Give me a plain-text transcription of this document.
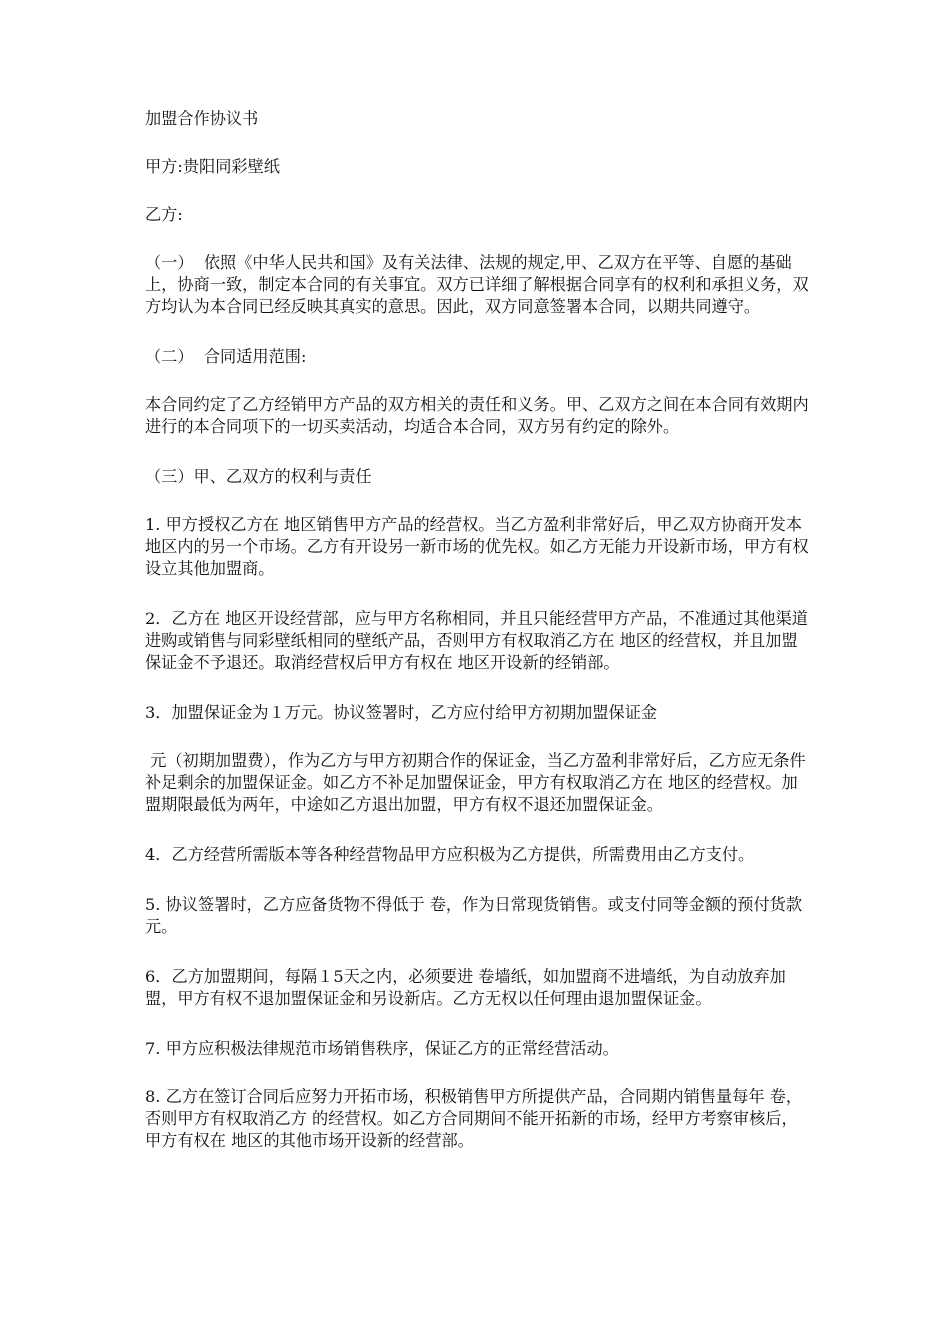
加盟合作协议书

甲方:贵阳同彩壁纸

乙方:

（一）  依照《中华人民共和国》及有关法律、法规的规定,甲、乙双方在平等、自愿的基础上，协商一致，制定本合同的有关事宜。双方已详细了解根据合同享有的权利和承担义务，双方均认为本合同已经反映其真实的意思。因此，双方同意签署本合同，以期共同遵守。

（二）  合同适用范围:

本合同约定了乙方经销甲方产品的双方相关的责任和义务。甲、乙双方之间在本合同有效期内进行的本合同项下的一切买卖活动，均适合本合同，双方另有约定的除外。

（三）甲、乙双方的权利与责任

1. 甲方授权乙方在 地区销售甲方产品的经营权。当乙方盈利非常好后，甲乙双方协商开发本地区内的另一个市场。乙方有开设另一新市场的优先权。如乙方无能力开设新市场，甲方有权设立其他加盟商。

2．乙方在 地区开设经营部，应与甲方名称相同，并且只能经营甲方产品，不准通过其他渠道进购或销售与同彩壁纸相同的壁纸产品，否则甲方有权取消乙方在 地区的经营权，并且加盟保证金不予退还。取消经营权后甲方有权在 地区开设新的经销部。

3．加盟保证金为１万元。协议签署时，乙方应付给甲方初期加盟保证金

元（初期加盟费），作为乙方与甲方初期合作的保证金，当乙方盈利非常好后，乙方应无条件补足剩余的加盟保证金。如乙方不补足加盟保证金，甲方有权取消乙方在 地区的经营权。加盟期限最低为两年，中途如乙方退出加盟，甲方有权不退还加盟保证金。

4．乙方经营所需版本等各种经营物品甲方应积极为乙方提供，所需费用由乙方支付。

5. 协议签署时，乙方应备货物不得低于 卷，作为日常现货销售。或支付同等金额的预付货款 元。

6．乙方加盟期间，每隔１5天之内，必须要进 卷墙纸，如加盟商不进墙纸，为自动放弃加盟，甲方有权不退加盟保证金和另设新店。乙方无权以任何理由退加盟保证金。

7. 甲方应积极法律规范市场销售秩序，保证乙方的正常经营活动。

8. 乙方在签订合同后应努力开拓市场，积极销售甲方所提供产品，合同期内销售量每年 卷，否则甲方有权取消乙方 的经营权。如乙方合同期间不能开拓新的市场，经甲方考察审核后，甲方有权在 地区的其他市场开设新的经营部。
